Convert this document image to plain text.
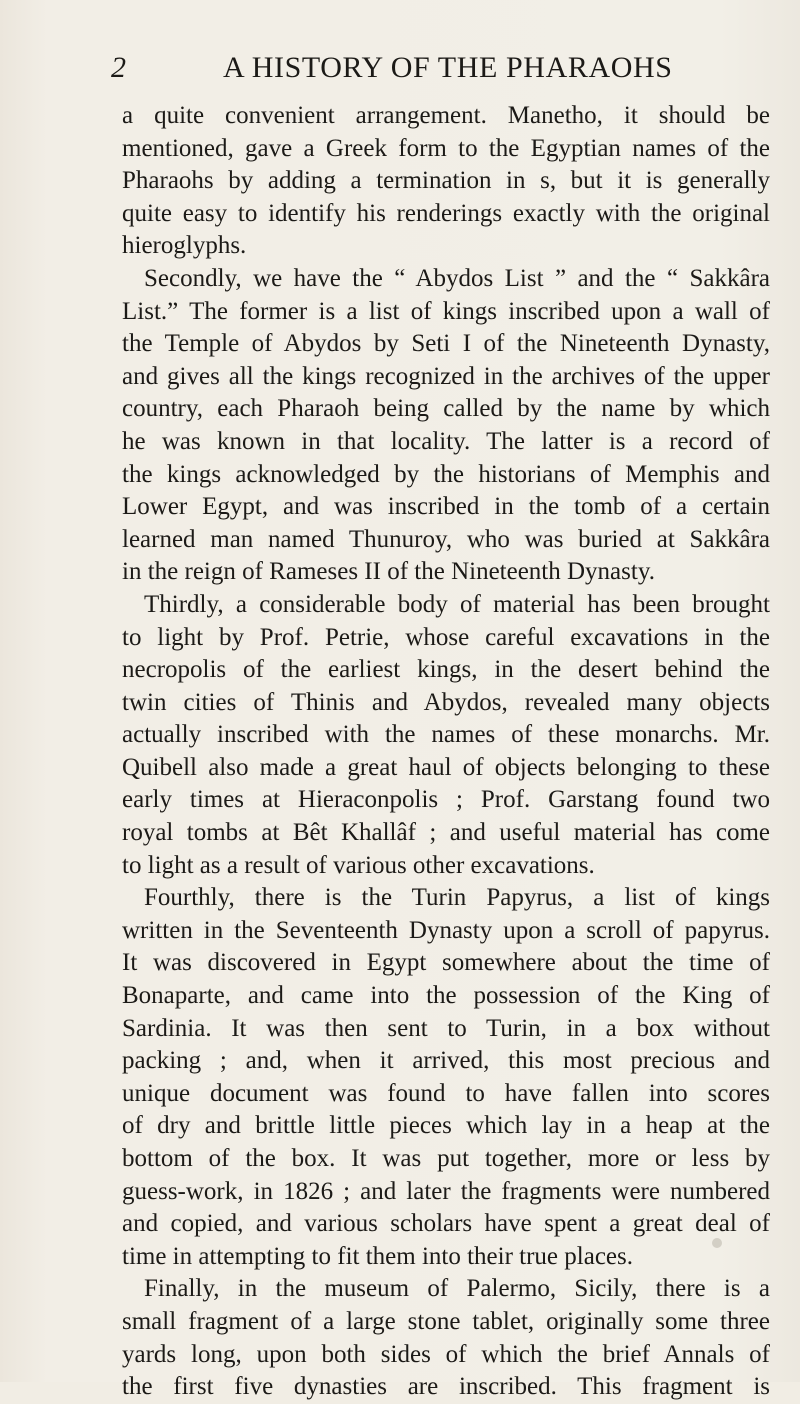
2	A HISTORY OF THE PHARAOHS
a quite convenient arrangement. Manetho, it should be
mentioned, gave a Greek form to the Egyptian names of the
Pharaohs by adding a termination in s, but it is generally
quite easy to identify his renderings exactly with the original
hieroglyphs.
Secondly, we have the “ Abydos List ” and the “ Sakkâra
List.” The former is a list of kings inscribed upon a wall of
the Temple of Abydos by Seti I of the Nineteenth Dynasty,
and gives all the kings recognized in the archives of the upper
country, each Pharaoh being called by the name by which
he was known in that locality. The latter is a record of
the kings acknowledged by the historians of Memphis and
Lower Egypt, and was inscribed in the tomb of a certain
learned man named Thunuroy, who was buried at Sakkâra
in the reign of Rameses II of the Nineteenth Dynasty.
Thirdly, a considerable body of material has been brought
to light by Prof. Petrie, whose careful excavations in the
necropolis of the earliest kings, in the desert behind the
twin cities of Thinis and Abydos, revealed many objects
actually inscribed with the names of these monarchs. Mr.
Quibell also made a great haul of objects belonging to these
early times at Hieraconpolis ; Prof. Garstang found two
royal tombs at Bêt Khallâf ; and useful material has come
to light as a result of various other excavations.
Fourthly, there is the Turin Papyrus, a list of kings
written in the Seventeenth Dynasty upon a scroll of papyrus.
It was discovered in Egypt somewhere about the time of
Bonaparte, and came into the possession of the King of
Sardinia. It was then sent to Turin, in a box without
packing ; and, when it arrived, this most precious and
unique document was found to have fallen into scores
of dry and brittle little pieces which lay in a heap at the
bottom of the box. It was put together, more or less by
guess-work, in 1826 ; and later the fragments were numbered
and copied, and various scholars have spent a great deal of
time in attempting to fit them into their true places.
Finally, in the museum of Palermo, Sicily, there is a
small fragment of a large stone tablet, originally some three
yards long, upon both sides of which the brief Annals of
the first five dynasties are inscribed. This fragment is
